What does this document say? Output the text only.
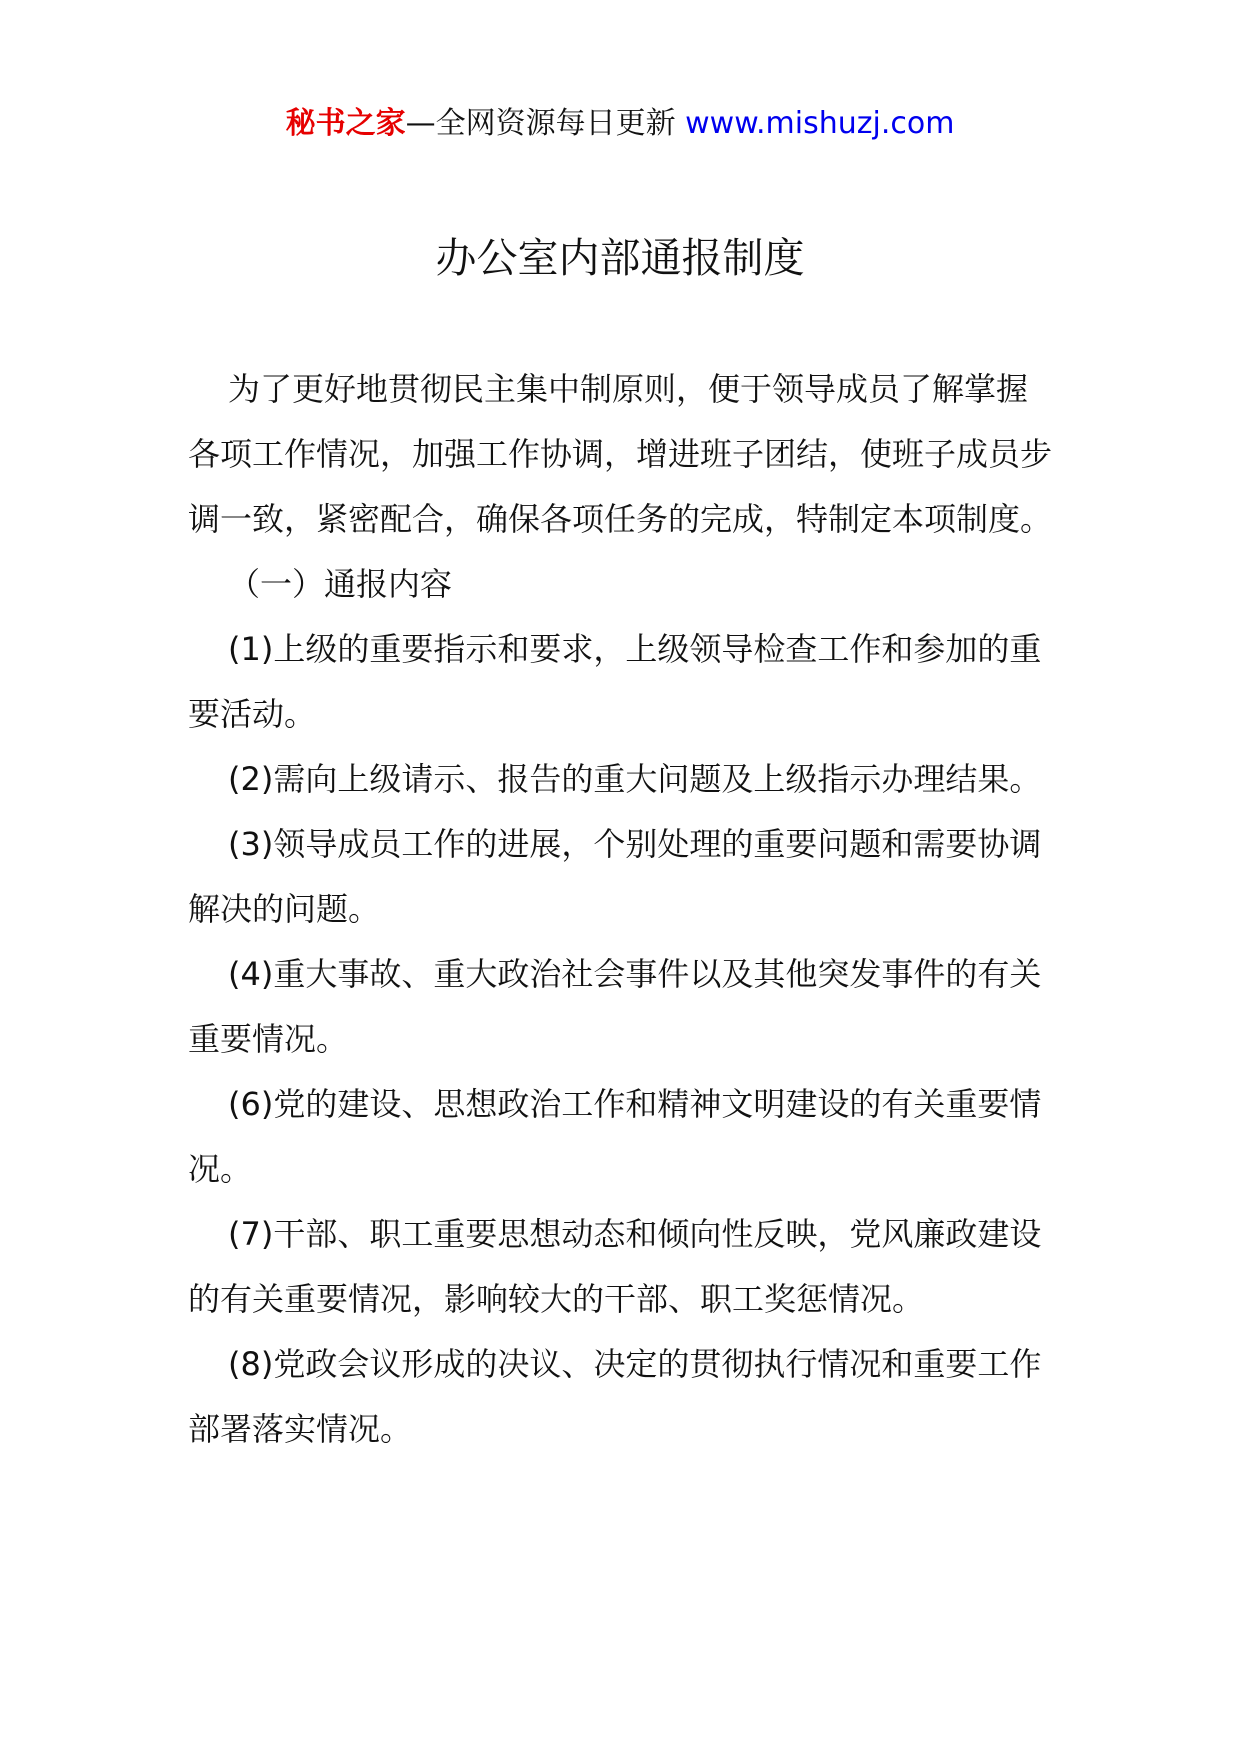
秘书之家—全网资源每日更新 www.mishuzj.com
办公室内部通报制度

为了更好地贯彻民主集中制原则，便于领导成员了解掌握各项工作情况，加强工作协调，增进班子团结，使班子成员步调一致，紧密配合，确保各项任务的完成，特制定本项制度。

（一）通报内容

(1)上级的重要指示和要求，上级领导检查工作和参加的重要活动。

(2)需向上级请示、报告的重大问题及上级指示办理结果。

(3)领导成员工作的进展，个别处理的重要问题和需要协调解决的问题。

(4)重大事故、重大政治社会事件以及其他突发事件的有关重要情况。

(6)党的建设、思想政治工作和精神文明建设的有关重要情况。

(7)干部、职工重要思想动态和倾向性反映，党风廉政建设的有关重要情况，影响较大的干部、职工奖惩情况。

(8)党政会议形成的决议、决定的贯彻执行情况和重要工作部署落实情况。
